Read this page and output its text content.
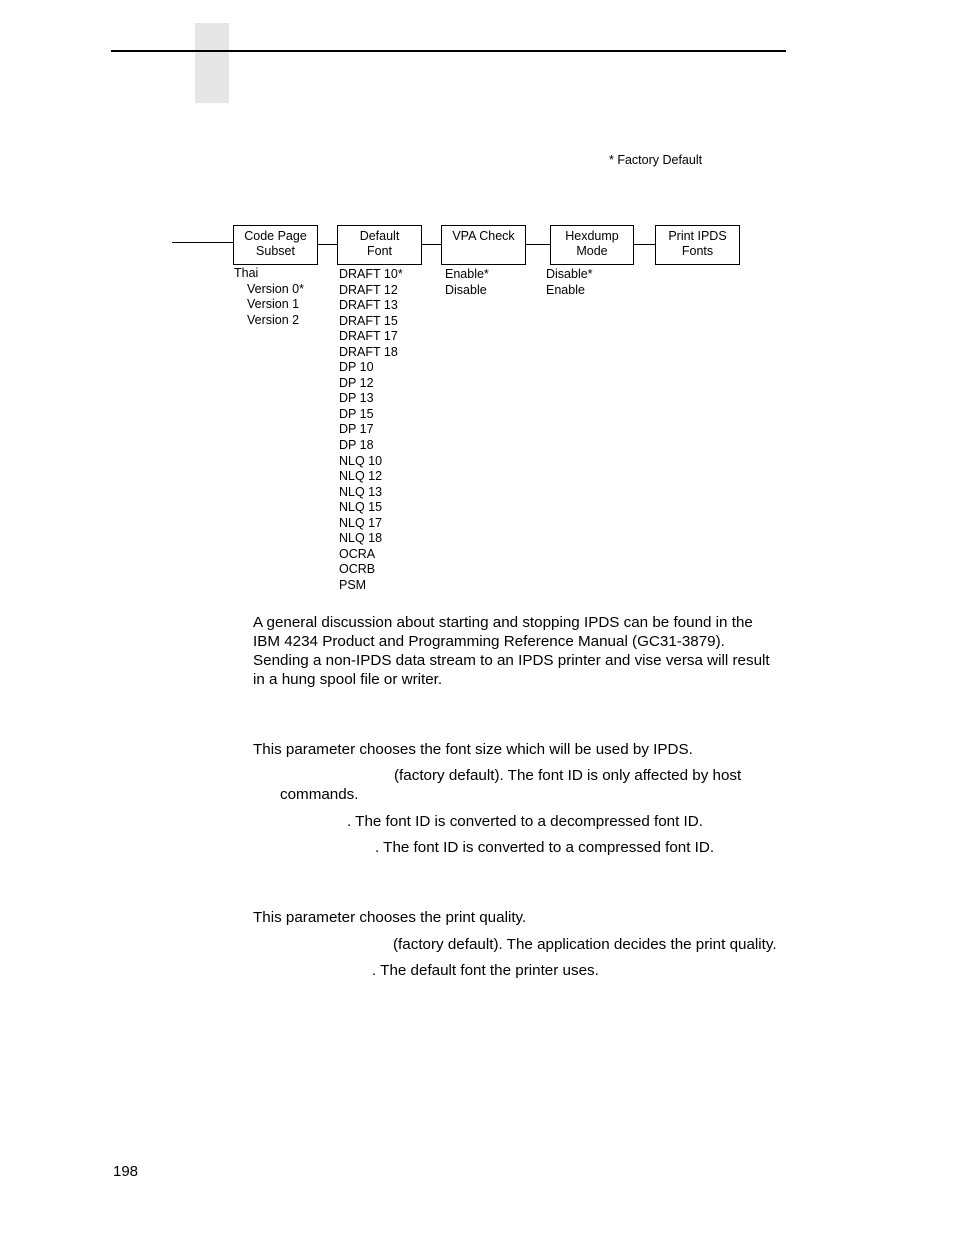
* Factory Default
Code Page
Subset
Default
Font
VPA Check	Hexdump
Mode
Print IPDS
Fonts
Thai
Version 0*
Version 1
Version 2
DRAFT 10*
DRAFT 12
DRAFT 13
DRAFT 15
DRAFT 17
DRAFT 18
DP 10
DP 12
DP 13
DP 15
DP 17
DP 18
NLQ 10
NLQ 12
NLQ 13
NLQ 15
NLQ 17
NLQ 18
OCRA
OCRB
PSM
Enable*
Disable
Disable*
Enable
A general discussion about starting and stopping IPDS can be found in the
IBM 4234 Product and Programming Reference Manual (GC31-3879).
Sending a non-IPDS data stream to an IPDS printer and vise versa will result
in a hung spool file or writer.
This parameter chooses the font size which will be used by IPDS.
(factory default). The font ID is only affected by host
commands.
. The font ID is converted to a decompressed font ID.
. The font ID is converted to a compressed font ID.
This parameter chooses the print quality.
(factory default). The application decides the print quality.
. The default font the printer uses.
198
